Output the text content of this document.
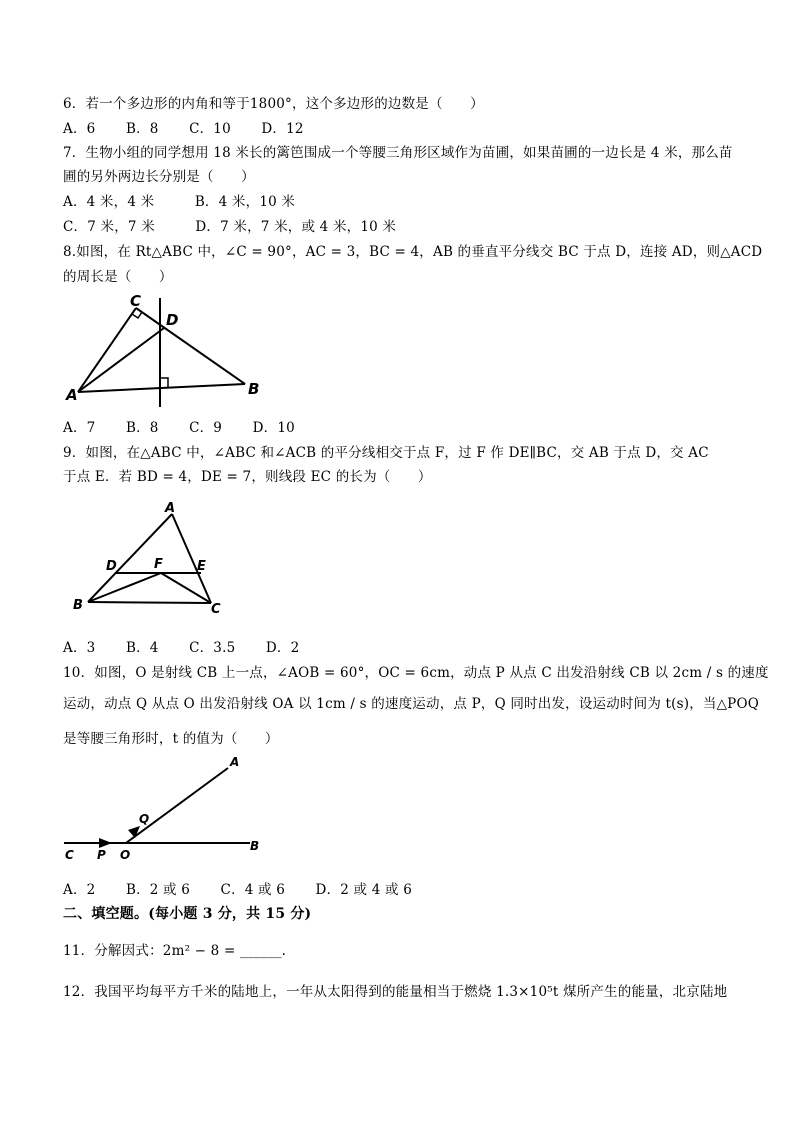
6．若一个多边形的内角和等于1800°，这个多边形的边数是（　　）
A．6 B．8 C．10 D．12
7．生物小组的同学想用 18 米长的篱笆围成一个等腰三角形区域作为苗圃，如果苗圃的一边长是 4 米，那么苗
圃的另外两边长分别是（　　）
A．4 米，4 米	B．4 米，10 米
C．7 米，7 米	D．7 米，7 米，或 4 米，10 米
8.如图，在 Rt△ABC 中，∠C = 90°，AC = 3，BC = 4，AB 的垂直平分线交 BC 于点 D，连接 AD，则△ACD
的周长是（　　）
C
D
A	B
A．7 B．8 C．9 D．10
9．如图，在△ABC 中，∠ABC 和∠ACB 的平分线相交于点 F，过 F 作 DE∥BC，交 AB 于点 D，交 AC
于点 E．若 BD = 4，DE = 7，则线段 EC 的长为（　　）
A
D	F	E
B	C
A．3 B．4 C．3.5 D．2
10．如图，O 是射线 CB 上一点，∠AOB = 60°，OC = 6cm，动点 P 从点 C 出发沿射线 CB 以 2cm / s 的速度
运动，动点 Q 从点 O 出发沿射线 OA 以 1cm / s 的速度运动，点 P，Q 同时出发，设运动时间为 t(s)，当△POQ
是等腰三角形时，t 的值为（　　）
A
Q
C P O
B
A．2 B．2 或 6 C．4 或 6 D．2 或 4 或 6
二、填空题。(每小题 3 分，共 15 分)
11．分解因式：2m² − 8 = ______.
12．我国平均每平方千米的陆地上，一年从太阳得到的能量相当于燃烧 1.3×10⁵t 煤所产生的能量，北京陆地
